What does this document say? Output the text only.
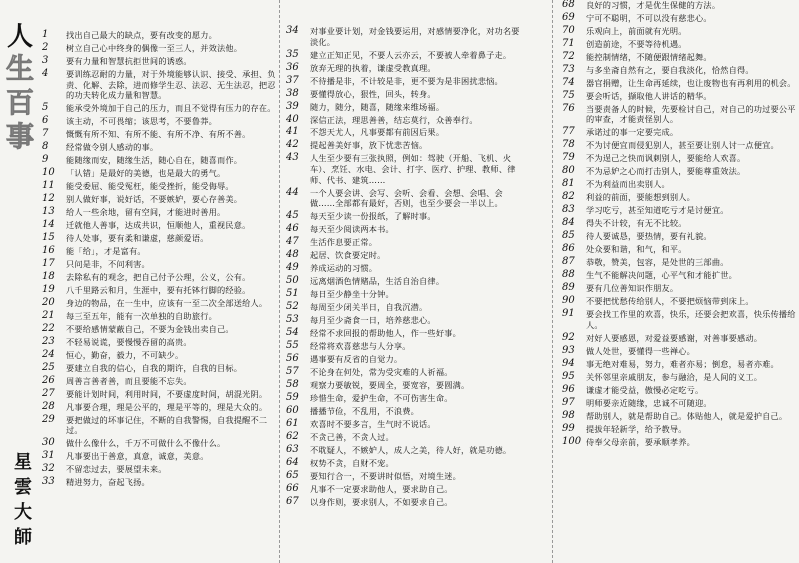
人
生
百
事
星
雲
大
師
1	找出自己最大的缺点，要有改变的愿力。
2	树立自己心中终身的偶像一至三人，并效法他。
3	要有力量和智慧抗拒世间的诱惑。
4	要训练忍耐的力量，对于外境能够认识、接受、承担、负责、化解、去除，进而修学生忍、法忍、无生法忍，把忍的功夫转化成力量和智慧。
5	能承受外境加于自己的压力，而且不觉得有压力的存在。
6	该主动，不可畏缩；该思考，不要鲁莽。
7	慨慨有所不知、有所不能、有所不净、有所不善。
8	经常做令别人感动的事。
9	能随缘而安，随缘生活，随心自在，随喜而作。
10	「认错」是最好的美德，也是最大的勇气。
11	能受委屈、能受冤枉，能受挫折，能受侮辱。
12	别人做好事，说好话，不要嫉妒，要心存善美。
13	给人一些余地，留有空间，才能进时善用。
14	迁就他人善事，达成共识，恒顺他人，重视民意。
15	待人处事，要有柔和谦虚，慈颜爱语。
16	能「给」，才是富有。
17	只问是非，不问利害。
18	去除私有的观念，把自己付予公理，公义，公有。
19	八千里路云和月，生涯中，要有托钵行脚的经验。
20	身边的物品，在一生中，应该有一至二次全部送给人。
21	每三至五年，能有一次单独的自助旅行。
22	不要给感情蒙蔽自己，不要为金钱出卖自己。
23	不轻易说谎，要慢慢吞留的高贵。
24	恒心，勤奋，毅力，不可缺少。
25	要建立自我的信心，自我的期许，自我的目标。
26	周善言善者善，而且要能不忘失。
27	要能计划时间，利用时间，不要虚度时间，胡混光阴。
28	凡事要合理，理是公平的，理是平等的，理是大众的。
29	要把做过的坏事记住，不断的自我警惕，自我提醒不二过。
30	做什么像什么，千万不可做什么不像什么。
31	凡事要出于善意，真意，诚意，美意。
32	不留恋过去，要展望未来。
33	精进努力，奋起飞扬。
34	对事业要计划，对金钱要运用，对感情要净化，对功名要淡化。
35	建立正知正见，不要人云亦云，不要被人牵着鼻子走。
36	放弃无理的执着，谦虚受教真理。
37	不待播是非，不计较是非，更不要为是非困扰悲恼。
38	要懂得放心，狠性，回头，转身。
39	随力，随分，随喜，随缘来维场福。
40	深信正法，理思善善，结忘莫行，众善奉行。
41	不怨天尤人，凡事要都有前因后果。
42	提起善美好事，放下忧悲苦恼。
43	人生至少要有三张执照，例如：驾驶（开船、飞机、火车）、烹饪、水电、会计、打字、医疗、护理、教师、律师、代书、建筑……
44	一个人要会讲、会写、会听、会看、会想、会唱、会做……全部都有最好，否则，也至少要会一半以上。
45	每天至少读一份报纸，了解时事。
46	每天至少阅读两本书。
47	生活作息要正常。
48	起居、饮食要定时。
49	养成运动的习惯。
50	远离烟酒色情赌品，生活自治自律。
51	每日至少静坐十分钟。
52	每周至少闭关半日，自我沉潜。
53	每月至少斋食一日，培养慈悲心。
54	经常不求回报的帮助他人，作一些好事。
55	经常将欢喜慈悲与人分享。
56	遇事要有反省的自觉力。
57	不论身在何处，常为受灾难的人祈福。
58	观察力要敏锐，要周全，要宽容，要圆满。
59	珍惜生命，爱护生命，不可伤害生命。
60	播播节俭，不乱用，不浪费。
61	欢喜时不要多言，生气时不说话。
62	不贪己善，不贪人过。
63	不耽疑人，不嫉妒人，成人之美，待人好，就是功德。
64	权势不贪，自财不宠。
65	要知行合一，不要讲时似悟，对境生迷。
66	凡事不一定要求助他人，要求助自己。
67	以身作则，要求别人，不如要求自己。
68	良好的习惯，才是优生保健的方法。
69	宁可不聪明，不可以没有慈悲心。
70	乐观向上，前面就有光明。
71	创造前途，不要等待机遇。
72	能控制情绪，不随便跟情绪起舞。
73	与多坐斋自然有之，要自我淡化，恰然自得。
74	器官捐赠，让生命再延续，也让废物也有再利用的机会。
75	要会听话，撷取他人讲话的精华。
76	当要责备人的时候，先要检讨自己，对自己的功过要公平的审查，才能责怪别人。
77	承诺过的事一定要完成。
78	不为讨便宜而侵犯别人，甚至要让别人讨一点便宜。
79	不为逞己之快而讽刺别人，要能给人欢喜。
80	不为忌妒之心而打击别人，要能尊重效法。
81	不为利益而出卖别人。
82	利益的前面，要能想到别人。
83	学习吃亏，甚至知道吃亏才是讨便宜。
84	得失不计较，有无不比较。
85	待人要诚恳，要热情，要有礼貌。
86	处众要和谐，和气，和平。
87	恭敬，赞美，包容，是处世的三部曲。
88	生气不能解决问题，心平气和才能扩世。
89	要有几位善知识作朋友。
90	不要把忧愁传给别人，不要把烦恼带到床上。
91	要会找工作里的欢喜，快乐，还要会把欢喜，快乐传播给人。
92	对好人要感恩，对爱益要感谢，对善事要感动。
93	做人处世，要懂得一些禅心。
94	事无绝对难易，努力，难者亦易；倒怠，易者亦难。
95	关怀邻里亲戚朋友，参与融洽，是人间的义工。
96	谦虚才能受益，傲慢必定吃亏。
97	明师要亲近随缘，忠诚不可随迎。
98	帮助别人，就是帮助自己。体贴他人，就是爱护自己。
99	提拔年轻新学，给予教导。
100 侍奉父母亲前，要承顺孝养。
